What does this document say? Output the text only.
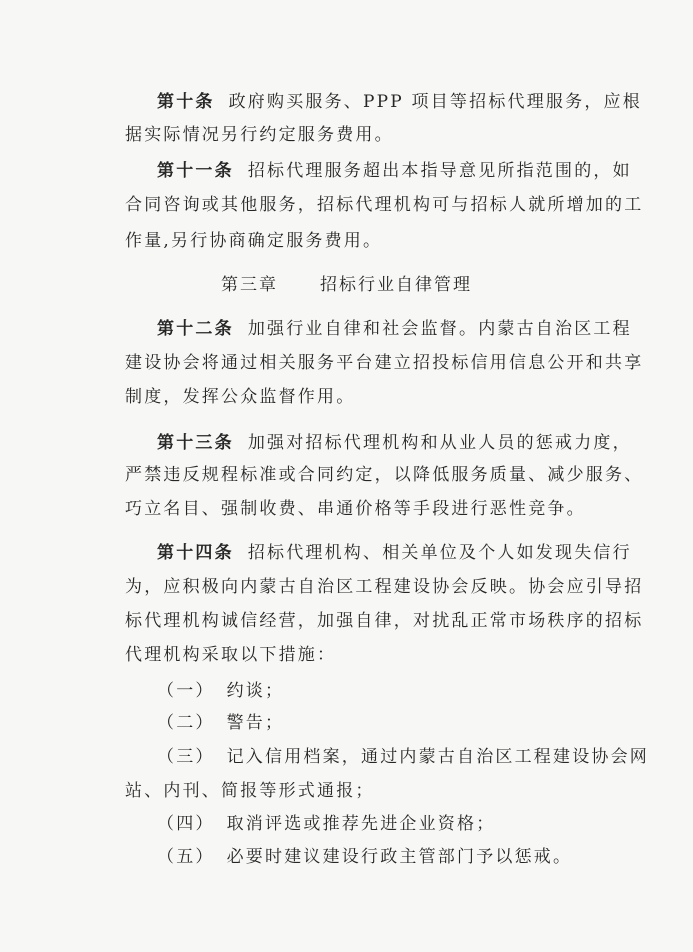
第十条 政府购买服务、PPP 项目等招标代理服务，应根
据实际情况另行约定服务费用。
第十一条 招标代理服务超出本指导意见所指范围的，如
合同咨询或其他服务，招标代理机构可与招标人就所增加的工
作量,另行协商确定服务费用。
第三章 招标行业自律管理
第十二条 加强行业自律和社会监督。内蒙古自治区工程
建设协会将通过相关服务平台建立招投标信用信息公开和共享
制度，发挥公众监督作用。
第十三条 加强对招标代理机构和从业人员的惩戒力度，
严禁违反规程标准或合同约定，以降低服务质量、减少服务、
巧立名目、强制收费、串通价格等手段进行恶性竞争。
第十四条 招标代理机构、相关单位及个人如发现失信行
为，应积极向内蒙古自治区工程建设协会反映。协会应引导招
标代理机构诚信经营，加强自律，对扰乱正常市场秩序的招标
代理机构采取以下措施：
（一） 约谈；
（二） 警告；
（三） 记入信用档案，通过内蒙古自治区工程建设协会网
站、内刊、简报等形式通报；
（四） 取消评选或推荐先进企业资格；
（五） 必要时建议建设行政主管部门予以惩戒。
